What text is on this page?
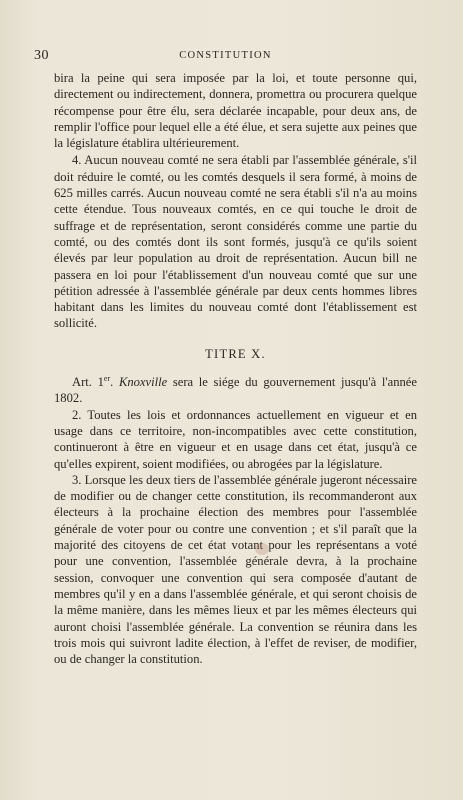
30	CONSTITUTION

bira la peine qui sera imposée par la loi, et toute personne qui, directement ou indirectement, donnera, promettra ou procurera quelque récompense pour être élu, sera déclarée incapable, pour deux ans, de remplir l'office pour lequel elle a été élue, et sera sujette aux peines que la législature établira ultérieurement.

4. Aucun nouveau comté ne sera établi par l'assemblée générale, s'il doit réduire le comté, ou les comtés desquels il sera formé, à moins de 625 milles carrés. Aucun nouveau comté ne sera établi s'il n'a au moins cette étendue. Tous nouveaux comtés, en ce qui touche le droit de suffrage et de représentation, seront considérés comme une partie du comté, ou des comtés dont ils sont formés, jusqu'à ce qu'ils soient élevés par leur population au droit de représentation. Aucun bill ne passera en loi pour l'établissement d'un nouveau comté que sur une pétition adressée à l'assemblée générale par deux cents hommes libres habitant dans les limites du nouveau comté dont l'établissement est sollicité.

TITRE X.

Art. 1er. Knoxville sera le siége du gouvernement jusqu'à l'année 1802.

2. Toutes les lois et ordonnances actuellement en vigueur et en usage dans ce territoire, non-incompatibles avec cette constitution, continueront à être en vigueur et en usage dans cet état, jusqu'à ce qu'elles expirent, soient modifiées, ou abrogées par la législature.

3. Lorsque les deux tiers de l'assemblée générale jugeront nécessaire de modifier ou de changer cette constitution, ils recommanderont aux électeurs à la prochaine élection des membres pour l'assemblée générale de voter pour ou contre une convention ; et s'il paraît que la majorité des citoyens de cet état votant pour les représentans a voté pour une convention, l'assemblée générale devra, à la prochaine session, convoquer une convention qui sera composée d'autant de membres qu'il y en a dans l'assemblée générale, et qui seront choisis de la même manière, dans les mêmes lieux et par les mêmes électeurs qui auront choisi l'assemblée générale. La convention se réunira dans les trois mois qui suivront ladite élection, à l'effet de reviser, de modifier, ou de changer la constitution.
